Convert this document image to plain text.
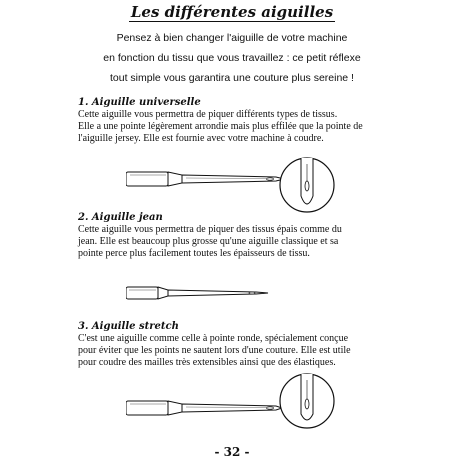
Les différentes aiguilles
Pensez à bien changer l'aiguille de votre machine
en fonction du tissu que vous travaillez : ce petit réflexe
tout simple vous garantira une couture plus sereine !
1. Aiguille universelle
Cette aiguille vous permettra de piquer différents types de tissus.
Elle a une pointe légèrement arrondie mais plus effilée que la pointe de
l'aiguille jersey. Elle est fournie avec votre machine à coudre.
2. Aiguille jean
Cette aiguille vous permettra de piquer des tissus épais comme du
jean. Elle est beaucoup plus grosse qu'une aiguille classique et sa
pointe perce plus facilement toutes les épaisseurs de tissu.
3. Aiguille stretch
C'est une aiguille comme celle à pointe ronde, spécialement conçue
pour éviter que les points ne sautent lors d'une couture. Elle est utile
pour coudre des mailles très extensibles ainsi que des élastiques.
- 32 -
